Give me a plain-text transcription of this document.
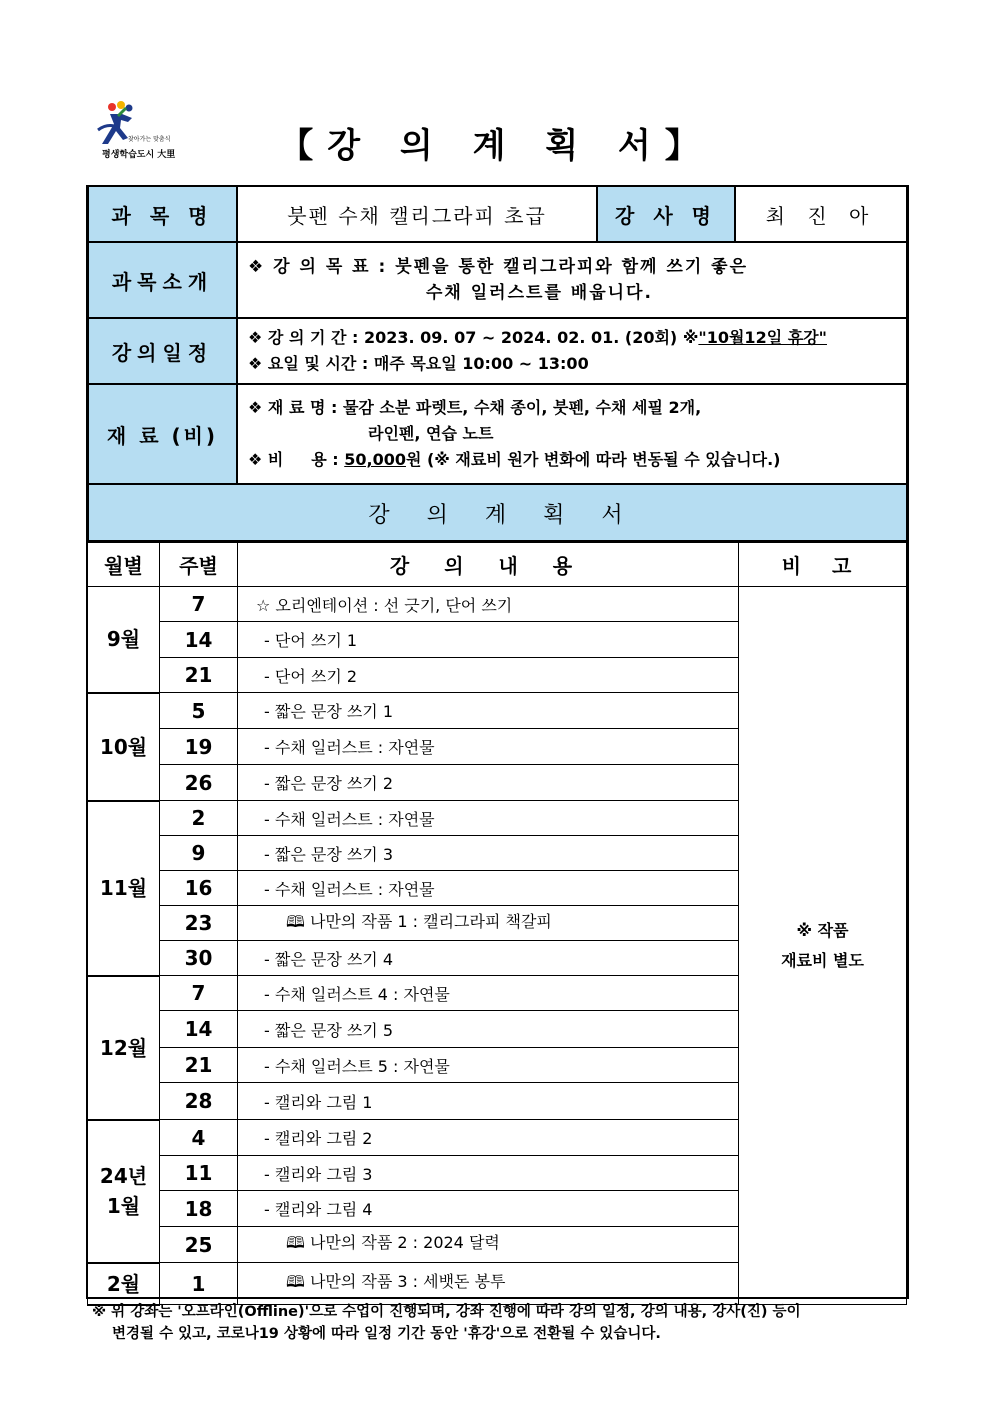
찾아가는 맞춤식
평생학습도시 大里	【강 의 계 획 서】
과 목 명	붓펜 수채 캘리그라피 초급	강 사 명	최 진 아
과목소개	❖ 강 의 목 표 : 붓펜을 통한 캘리그라피와 함께 쓰기 좋은
수채 일러스트를 배웁니다.		

강의일정	❖ 강 의 기 간 : 2023. 09. 07 ~ 2024. 02. 01. (20회) ※"10월12일 휴강"
❖ 요일 및 시간 : 매주 목요일 10:00 ~ 13:00		

재 료 (비)	❖ 재 료 명 : 물감 소분 파렛트, 수채 종이, 붓펜, 수채 세필 2개,
라인펜, 연습 노트
❖ 비     용 : 50,000원 (※ 재료비 원가 변화에 따라 변동될 수 있습니다.)		

강   의   계   획   서			
월별	주별	강 의 내 용	비 고
9월	7	☆ 오리엔테이션 : 선 긋기, 단어 쓰기	※ 작품
재료비 별도

	14	- 단어 쓰기 1	
	21	- 단어 쓰기 2	
10월	5	- 짧은 문장 쓰기 1	
	19	- 수채 일러스트 : 자연물	
	26	- 짧은 문장 쓰기 2	
11월	2	- 수채 일러스트 : 자연물	
	9	- 짧은 문장 쓰기 3	
	16	- 수채 일러스트 : 자연물	
	23	🕮 나만의 작품 1 : 캘리그라피 책갈피	
	30	- 짧은 문장 쓰기 4	
12월	7	- 수채 일러스트 4 : 자연물	
	14	- 짧은 문장 쓰기 5	
	21	- 수채 일러스트 5 : 자연물	
	28	- 캘리와 그림 1	
24년
1월	4	- 캘리와 그림 2	
	11	- 캘리와 그림 3	
	18	- 캘리와 그림 4	
	25	🕮 나만의 작품 2 : 2024 달력	
2월	1	🕮 나만의 작품 3 : 세뱃돈 봉투	
※ 위 강좌는 '오프라인(Offline)'으로 수업이 진행되며, 강좌 진행에 따라 강의 일정, 강의 내용, 강사(진) 등이
변경될 수 있고, 코로나19 상황에 따라 일정 기간 동안 '휴강'으로 전환될 수 있습니다.
